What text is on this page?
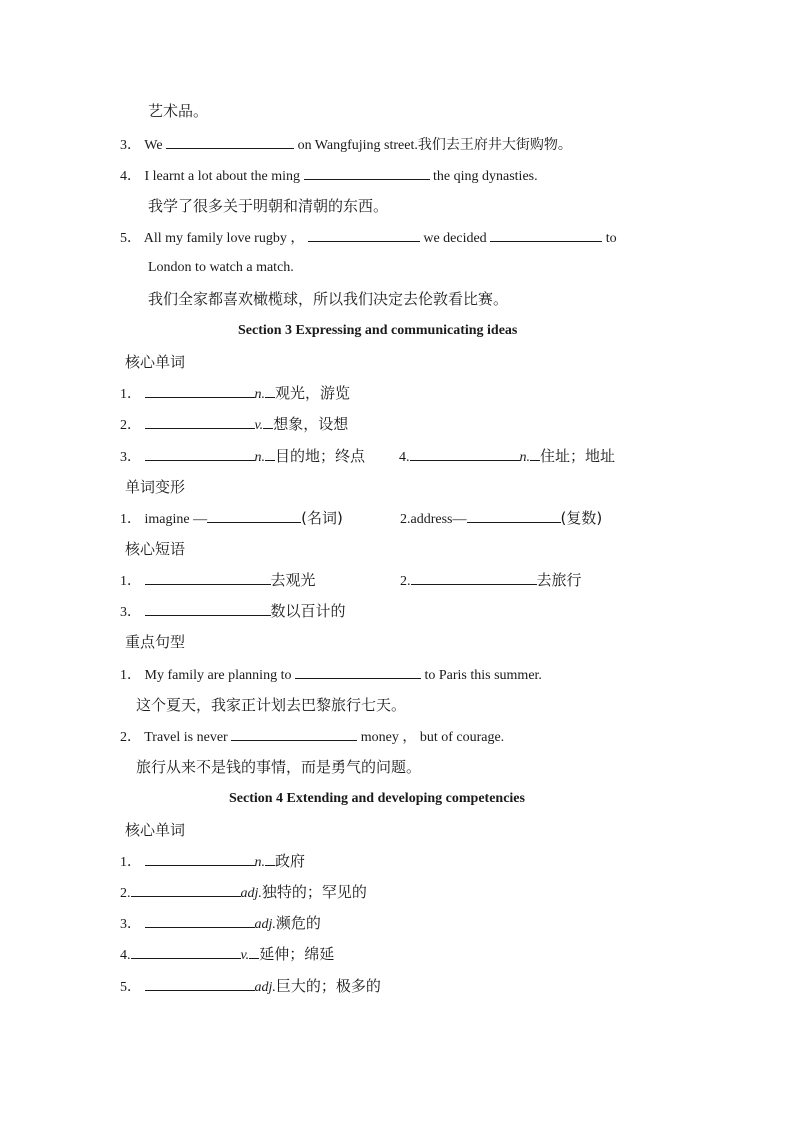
艺术品。
3． We	on Wangfujing street.我们去王府井大街购物。
4． I learnt a lot about the ming	the qing dynasties.
我学了很多关于明朝和清朝的东西。
5． All my family love rugby ，	we decided	to
London to watch a match.
我们全家都喜欢橄榄球，所以我们决定去伦敦看比赛。
Section 3 Expressing and communicating ideas
核心单词
1．	n. 观光，游览
2．	v. 想象，设想
3．	n. 目的地；终点 4.	n. 住址；地址
单词变形
1． imagine —	(名词)	2.address—	(复数)
核心短语
1．	去观光	2.	去旅行
3．	数以百计的
重点句型
1． My family are planning to	to Paris this summer.
这个夏天，我家正计划去巴黎旅行七天。
2． Travel is never	money ， but of courage.
旅行从来不是钱的事情，而是勇气的问题。
Section 4 Extending and developing competencies
核心单词
1．	n. 政府
2.	adj.独特的；罕见的
3．	adj.濒危的
4.	v. 延伸；绵延
5．	adj.巨大的；极多的
